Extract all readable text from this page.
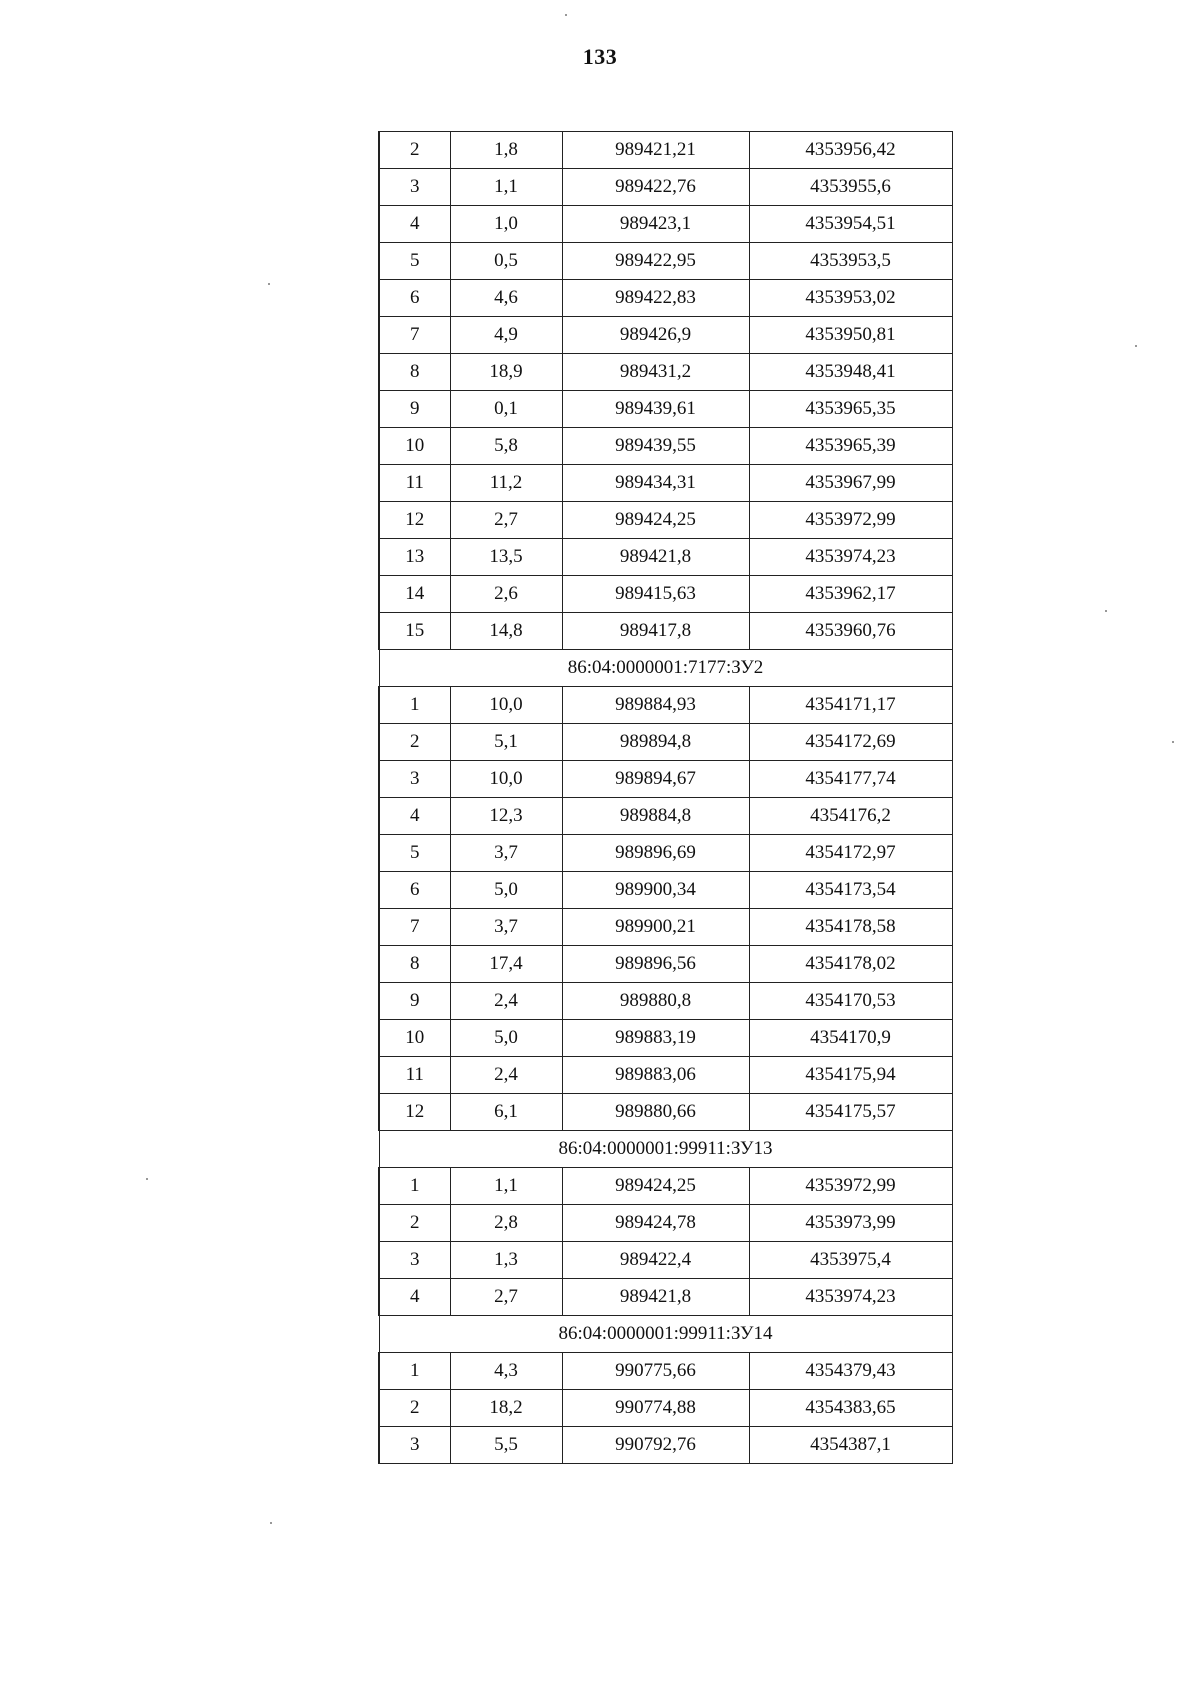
133
2	1,8	989421,21	4353956,42
3	1,1	989422,76	4353955,6
4	1,0	989423,1	4353954,51
5	0,5	989422,95	4353953,5
6	4,6	989422,83	4353953,02
7	4,9	989426,9	4353950,81
8	18,9	989431,2	4353948,41
9	0,1	989439,61	4353965,35
10	5,8	989439,55	4353965,39
11	11,2	989434,31	4353967,99
12	2,7	989424,25	4353972,99
13	13,5	989421,8	4353974,23
14	2,6	989415,63	4353962,17
15	14,8	989417,8	4353960,76
86:04:0000001:7177:ЗУ2			
1	10,0	989884,93	4354171,17
2	5,1	989894,8	4354172,69
3	10,0	989894,67	4354177,74
4	12,3	989884,8	4354176,2
5	3,7	989896,69	4354172,97
6	5,0	989900,34	4354173,54
7	3,7	989900,21	4354178,58
8	17,4	989896,56	4354178,02
9	2,4	989880,8	4354170,53
10	5,0	989883,19	4354170,9
11	2,4	989883,06	4354175,94
12	6,1	989880,66	4354175,57
86:04:0000001:99911:ЗУ13			
1	1,1	989424,25	4353972,99
2	2,8	989424,78	4353973,99
3	1,3	989422,4	4353975,4
4	2,7	989421,8	4353974,23
86:04:0000001:99911:ЗУ14			
1	4,3	990775,66	4354379,43
2	18,2	990774,88	4354383,65
3	5,5	990792,76	4354387,1
